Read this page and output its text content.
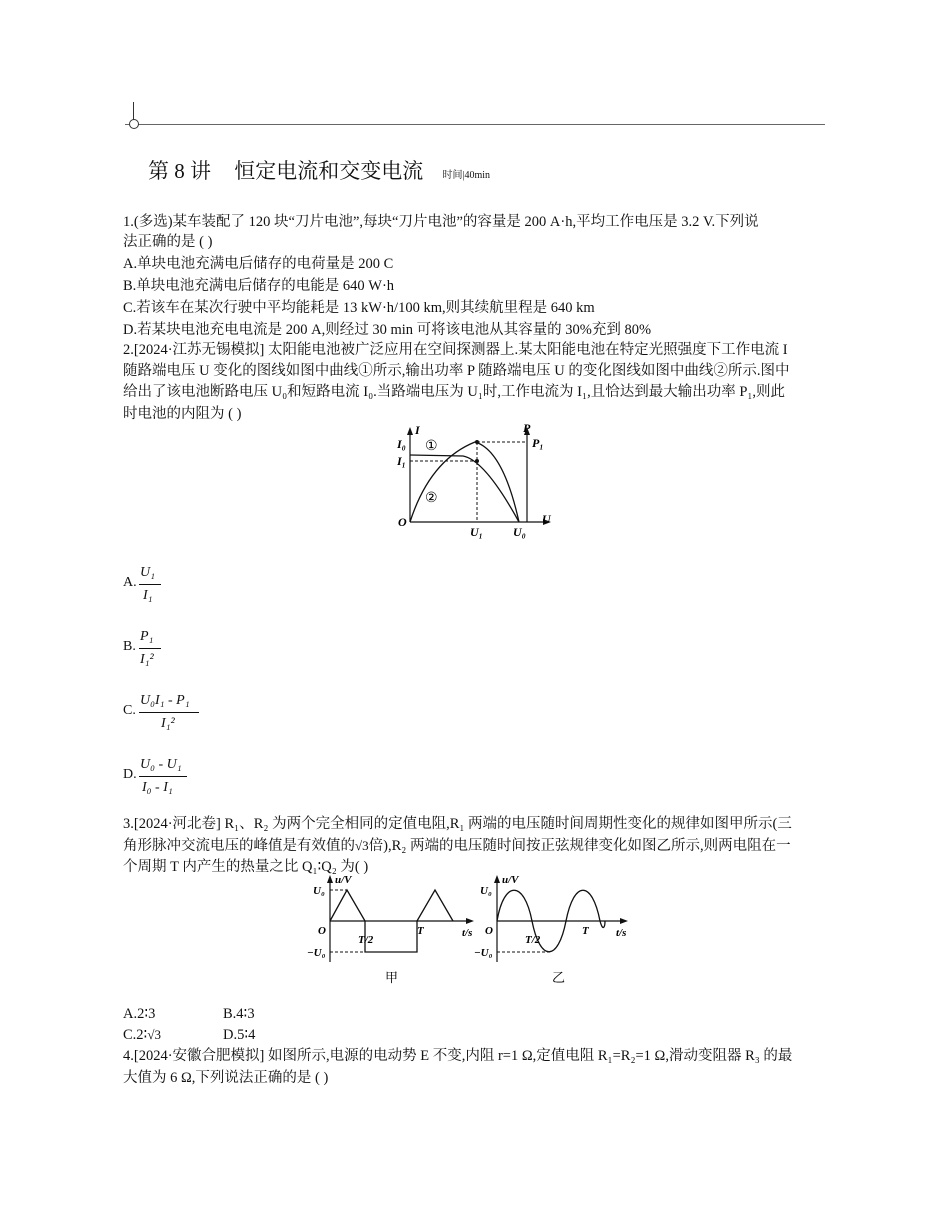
第 8 讲 恒定电流和交变电流 时间|40min
1.(多选)某车装配了 120 块“刀片电池”,每块“刀片电池”的容量是 200 A·h,平均工作电压是 3.2 V.下列说
法正确的是 ( )
A.单块电池充满电后储存的电荷量是 200 C
B.单块电池充满电后储存的电能是 640 W·h
C.若该车在某次行驶中平均能耗是 13 kW·h/100 km,则其续航里程是 640 km
D.若某块电池充电电流是 200 A,则经过 30 min 可将该电池从其容量的 30%充到 80%
2.[2024·江苏无锡模拟] 太阳能电池被广泛应用在空间探测器上.某太阳能电池在特定光照强度下工作电流 I
随路端电压 U 变化的图线如图中曲线①所示,输出功率 P 随路端电压 U 的变化图线如图中曲线②所示.图中
给出了该电池断路电压 U₀和短路电流 I₀.当路端电压为 U₁时,工作电流为 I₁,且恰达到最大输出功率 P₁,则此
时电池的内阻为 ( )
I₀
I₁
I	P
P₁
U
O
U₁	U₀
①
②
A.
U₁
I₁
B.
P₁
I₁²
C.
U₀I₁ - P₁
I₁²
D.
U₀ - U₁
I₀ - I₁
3.[2024·河北卷] R₁、R₂ 为两个完全相同的定值电阻,R₁ 两端的电压随时间周期性变化的规律如图甲所示(三
角形脉冲交流电压的峰值是有效值的√3倍),R₂ 两端的电压随时间按正弦规律变化如图乙所示,则两电阻在一
个周期 T 内产生的热量之比 Q₁∶Q₂ 为( )
U₀
−U₀
u/V
t/s
O
T/2
T
甲
U₀
−U₀
u/V
t/s
O
T/2
T
乙
A.2∶3	B.4∶3
C.2∶√3	D.5∶4
4.[2024·安徽合肥模拟] 如图所示,电源的电动势 E 不变,内阻 r=1 Ω,定值电阻 R₁=R₂=1 Ω,滑动变阻器 R₃ 的最
大值为 6 Ω,下列说法正确的是 ( )
